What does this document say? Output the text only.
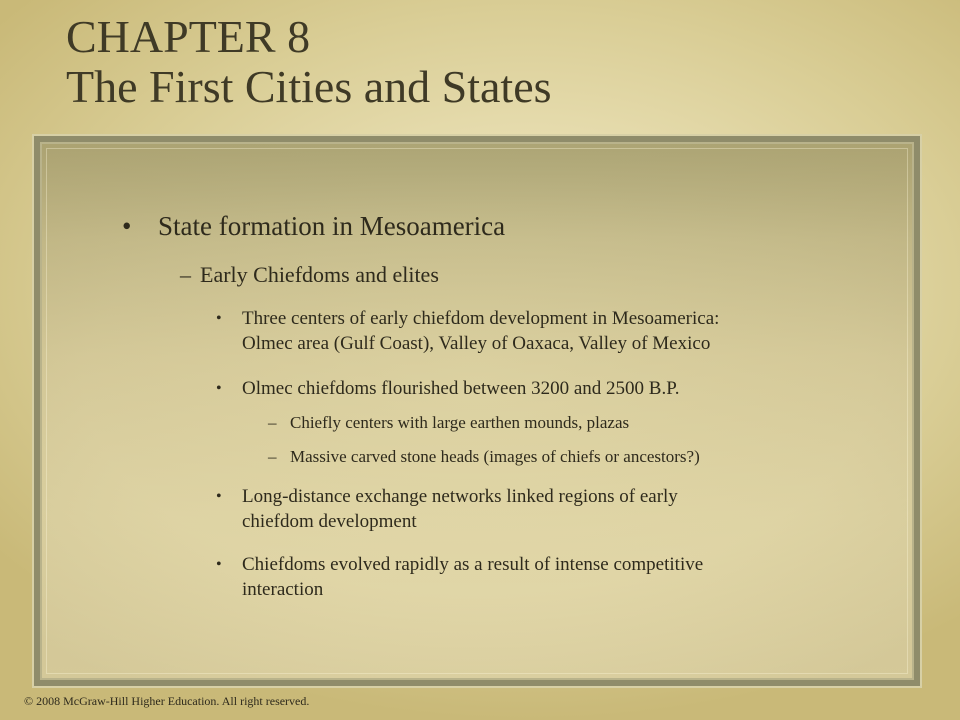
CHAPTER 8
The First Cities and States
• State formation in Mesoamerica
– Early Chiefdoms and elites
• Three centers of early chiefdom development in Mesoamerica:
Olmec area (Gulf Coast), Valley of Oaxaca, Valley of Mexico
• Olmec chiefdoms flourished between 3200 and 2500 B.P.
– Chiefly centers with large earthen mounds, plazas
– Massive carved stone heads (images of chiefs or ancestors?)
• Long-distance exchange networks linked regions of early
chiefdom development
• Chiefdoms evolved rapidly as a result of intense competitive
interaction
© 2008 McGraw-Hill Higher Education. All right reserved.
